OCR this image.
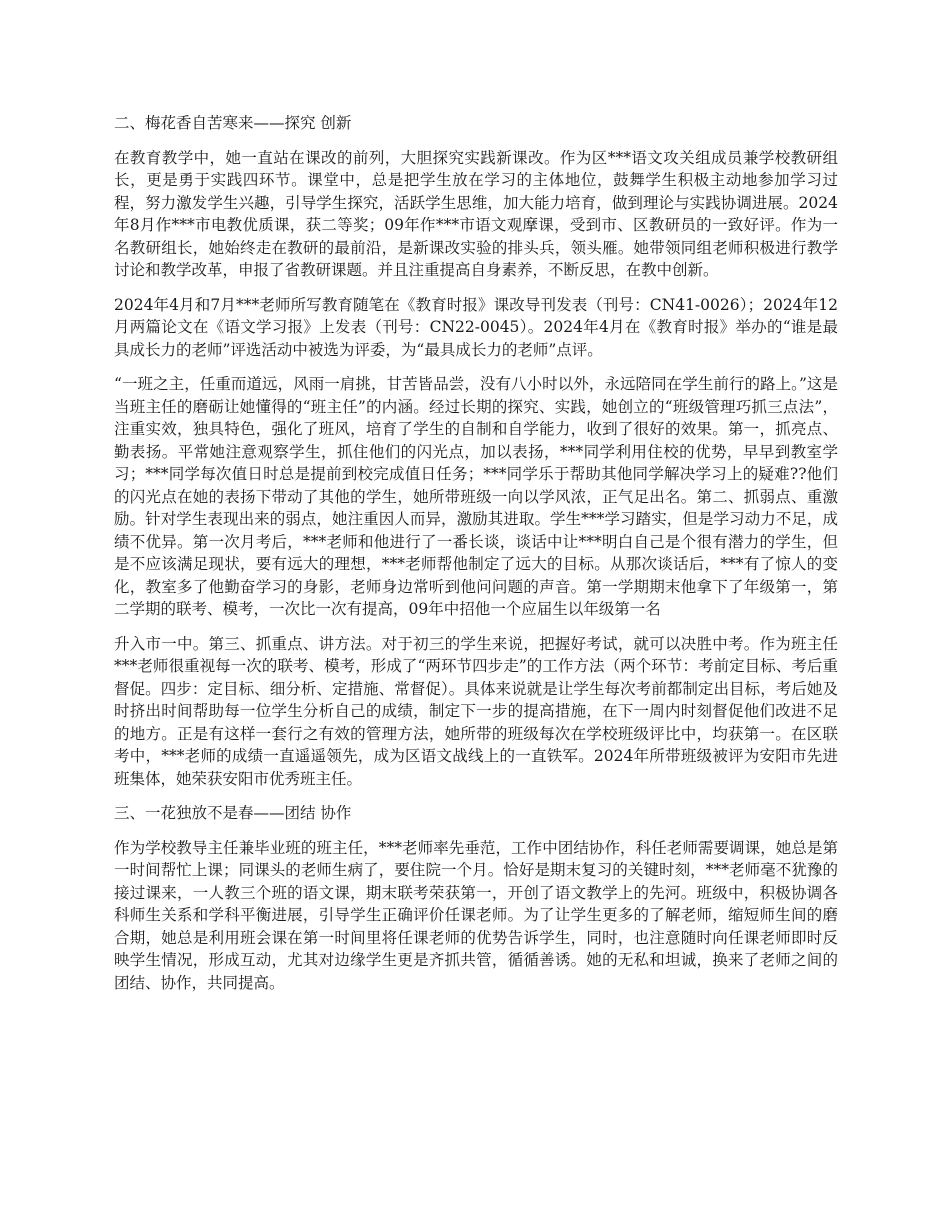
二、梅花香自苦寒来——探究 创新

在教育教学中，她一直站在课改的前列，大胆探究实践新课改。作为区***语文攻关组成员兼学校教研组长，更是勇于实践四环节。课堂中，总是把学生放在学习的主体地位，鼓舞学生积极主动地参加学习过程，努力激发学生兴趣，引导学生探究，活跃学生思维，加大能力培育，做到理论与实践协调进展。2024年8月作***市电教优质课，获二等奖；09年作***市语文观摩课，受到市、区教研员的一致好评。作为一名教研组长，她始终走在教研的最前沿，是新课改实验的排头兵，领头雁。她带领同组老师积极进行教学讨论和教学改革，申报了省教研课题。并且注重提高自身素养，不断反思，在教中创新。

2024年4月和7月***老师所写教育随笔在《教育时报》课改导刊发表（刊号：CN41-0026）；2024年12月两篇论文在《语文学习报》上发表（刊号：CN22-0045）。2024年4月在《教育时报》举办的“谁是最具成长力的老师”评选活动中被选为评委，为“最具成长力的老师”点评。

“一班之主，任重而道远，风雨一肩挑，甘苦皆品尝，没有八小时以外，永远陪同在学生前行的路上。”这是当班主任的磨砺让她懂得的“班主任”的内涵。经过长期的探究、实践，她创立的“班级管理巧抓三点法”，注重实效，独具特色，强化了班风，培育了学生的自制和自学能力，收到了很好的效果。第一，抓亮点、勤表扬。平常她注意观察学生，抓住他们的闪光点，加以表扬，***同学利用住校的优势，早早到教室学习；***同学每次值日时总是提前到校完成值日任务；***同学乐于帮助其他同学解决学习上的疑难??他们的闪光点在她的表扬下带动了其他的学生，她所带班级一向以学风浓，正气足出名。第二、抓弱点、重激励。针对学生表现出来的弱点，她注重因人而异，激励其进取。学生***学习踏实，但是学习动力不足，成绩不优异。第一次月考后，***老师和他进行了一番长谈，谈话中让***明白自己是个很有潜力的学生，但是不应该满足现状，要有远大的理想，***老师帮他制定了远大的目标。从那次谈话后，***有了惊人的变化，教室多了他勤奋学习的身影，老师身边常听到他问问题的声音。第一学期期末他拿下了年级第一，第二学期的联考、模考，一次比一次有提高，09年中招他一个应届生以年级第一名

升入市一中。第三、抓重点、讲方法。对于初三的学生来说，把握好考试，就可以决胜中考。作为班主任***老师很重视每一次的联考、模考，形成了“两环节四步走”的工作方法（两个环节：考前定目标、考后重督促。四步：定目标、细分析、定措施、常督促）。具体来说就是让学生每次考前都制定出目标，考后她及时挤出时间帮助每一位学生分析自己的成绩，制定下一步的提高措施，在下一周内时刻督促他们改进不足的地方。正是有这样一套行之有效的管理方法，她所带的班级每次在学校班级评比中，均获第一。在区联考中，***老师的成绩一直遥遥领先，成为区语文战线上的一直铁军。2024年所带班级被评为安阳市先进班集体，她荣获安阳市优秀班主任。

三、一花独放不是春——团结 协作

作为学校教导主任兼毕业班的班主任，***老师率先垂范，工作中团结协作，科任老师需要调课，她总是第一时间帮忙上课；同课头的老师生病了，要住院一个月。恰好是期末复习的关键时刻，***老师毫不犹豫的接过课来，一人教三个班的语文课，期末联考荣获第一，开创了语文教学上的先河。班级中，积极协调各科师生关系和学科平衡进展，引导学生正确评价任课老师。为了让学生更多的了解老师，缩短师生间的磨合期，她总是利用班会课在第一时间里将任课老师的优势告诉学生，同时，也注意随时向任课老师即时反映学生情况，形成互动，尤其对边缘学生更是齐抓共管，循循善诱。她的无私和坦诚，换来了老师之间的团结、协作，共同提高。
